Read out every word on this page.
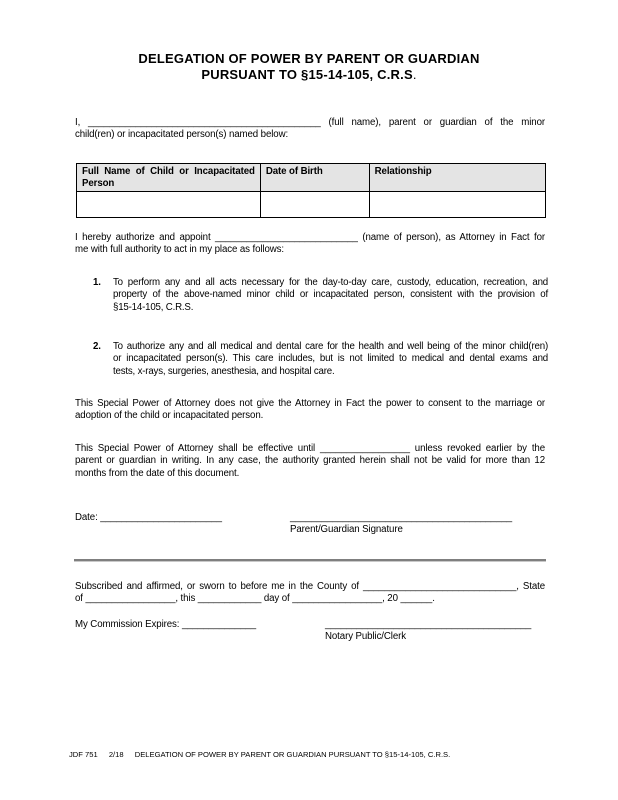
DELEGATION OF POWER BY PARENT OR GUARDIAN
PURSUANT TO §15-14-105, C.R.S.
I, ____________________________________________ (full name), parent or guardian of the minor
child(ren) or incapacitated person(s) named below:
Full Name of Child or Incapacitated Person	Date of Birth	Relationship

I hereby authorize and appoint ___________________________ (name of person), as Attorney in Fact for
me with full authority to act in my place as follows:
1. To perform any and all acts necessary for the day-to-day care, custody, education, recreation, and
property of the above-named minor child or incapacitated person, consistent with the provision of
§15-14-105, C.R.S.
2. To authorize any and all medical and dental care for the health and well being of the minor child(ren)
or incapacitated person(s). This care includes, but is not limited to medical and dental exams and
tests, x-rays, surgeries, anesthesia, and hospital care.
This Special Power of Attorney does not give the Attorney in Fact the power to consent to the marriage or
adoption of the child or incapacitated person.
This Special Power of Attorney shall be effective until _________________ unless revoked earlier by the
parent or guardian in writing. In any case, the authority granted herein shall not be valid for more than 12
months from the date of this document.
Date: _______________________	__________________________________________
Parent/Guardian Signature
Subscribed and affirmed, or sworn to before me in the County of _____________________________, State
of _________________, this ____________ day of _________________, 20 ______.
My Commission Expires: ______________	_______________________________________
Notary Public/Clerk
JDF 751 2/18 DELEGATION OF POWER BY PARENT OR GUARDIAN PURSUANT TO §15-14-105, C.R.S.
